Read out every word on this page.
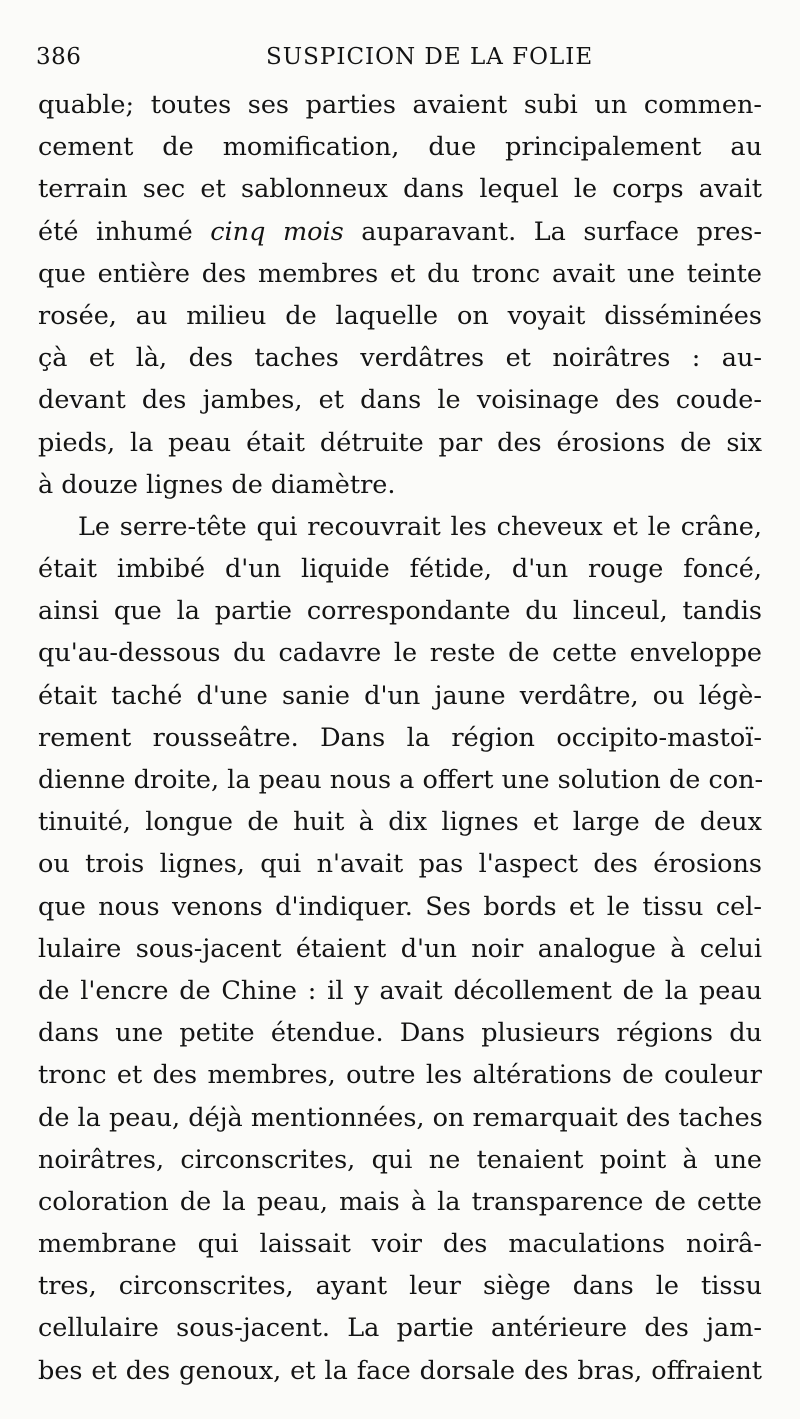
386	SUSPICION DE LA FOLIE
quable; toutes ses parties avaient subi un commen-
cement de momification, due principalement au
terrain sec et sablonneux dans lequel le corps avait
été inhumé cinq mois auparavant. La surface pres-
que entière des membres et du tronc avait une teinte
rosée, au milieu de laquelle on voyait disséminées
çà et là, des taches verdâtres et noirâtres : au-
devant des jambes, et dans le voisinage des coude-
pieds, la peau était détruite par des érosions de six
à douze lignes de diamètre.
Le serre-tête qui recouvrait les cheveux et le crâne,
était imbibé d'un liquide fétide, d'un rouge foncé,
ainsi que la partie correspondante du linceul, tandis
qu'au-dessous du cadavre le reste de cette enveloppe
était taché d'une sanie d'un jaune verdâtre, ou légè-
rement rousseâtre. Dans la région occipito-mastoï-
dienne droite, la peau nous a offert une solution de con-
tinuité, longue de huit à dix lignes et large de deux
ou trois lignes, qui n'avait pas l'aspect des érosions
que nous venons d'indiquer. Ses bords et le tissu cel-
lulaire sous-jacent étaient d'un noir analogue à celui
de l'encre de Chine : il y avait décollement de la peau
dans une petite étendue. Dans plusieurs régions du
tronc et des membres, outre les altérations de couleur
de la peau, déjà mentionnées, on remarquait des taches
noirâtres, circonscrites, qui ne tenaient point à une
coloration de la peau, mais à la transparence de cette
membrane qui laissait voir des maculations noirâ-
tres, circonscrites, ayant leur siège dans le tissu
cellulaire sous-jacent. La partie antérieure des jam-
bes et des genoux, et la face dorsale des bras, offraient
